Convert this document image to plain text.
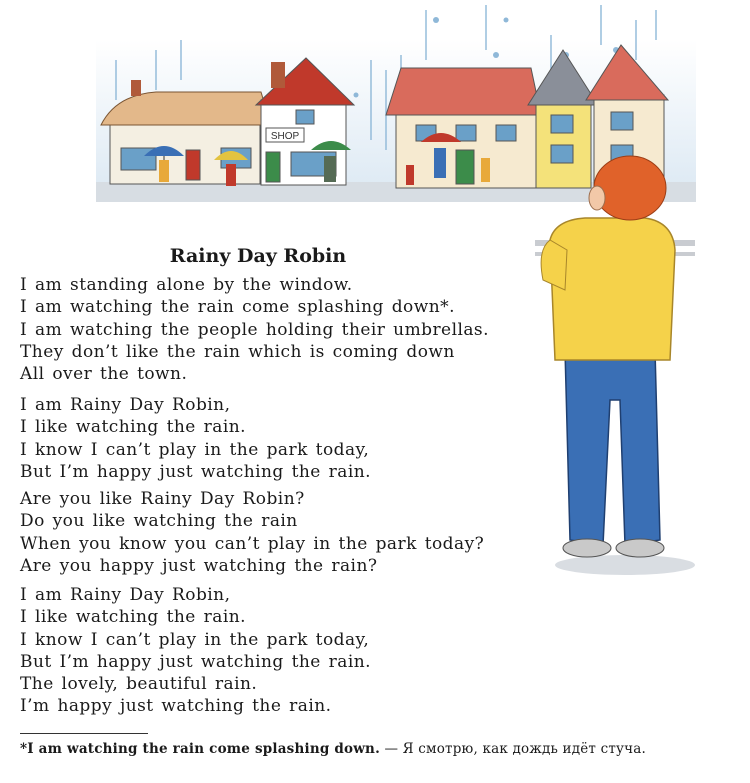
SHOP
Rainy Day Robin
I am standing alone by the window.
I am watching the rain come splashing down*.
I am watching the people holding their umbrellas.
They don’t like the rain which is coming down
All over the town.
I am Rainy Day Robin,
I like watching the rain.
I know I can’t play in the park today,
But I’m happy just watching the rain.
Are you like Rainy Day Robin?
Do you like watching the rain
When you know you can’t play in the park today?
Are you happy just watching the rain?
I am Rainy Day Robin,
I like watching the rain.
I know I can’t play in the park today,
But I’m happy just watching the rain.
The lovely, beautiful rain.
I’m happy just watching the rain.
*I am watching the rain come splashing down. — Я смотрю, как дождь идёт стуча.
